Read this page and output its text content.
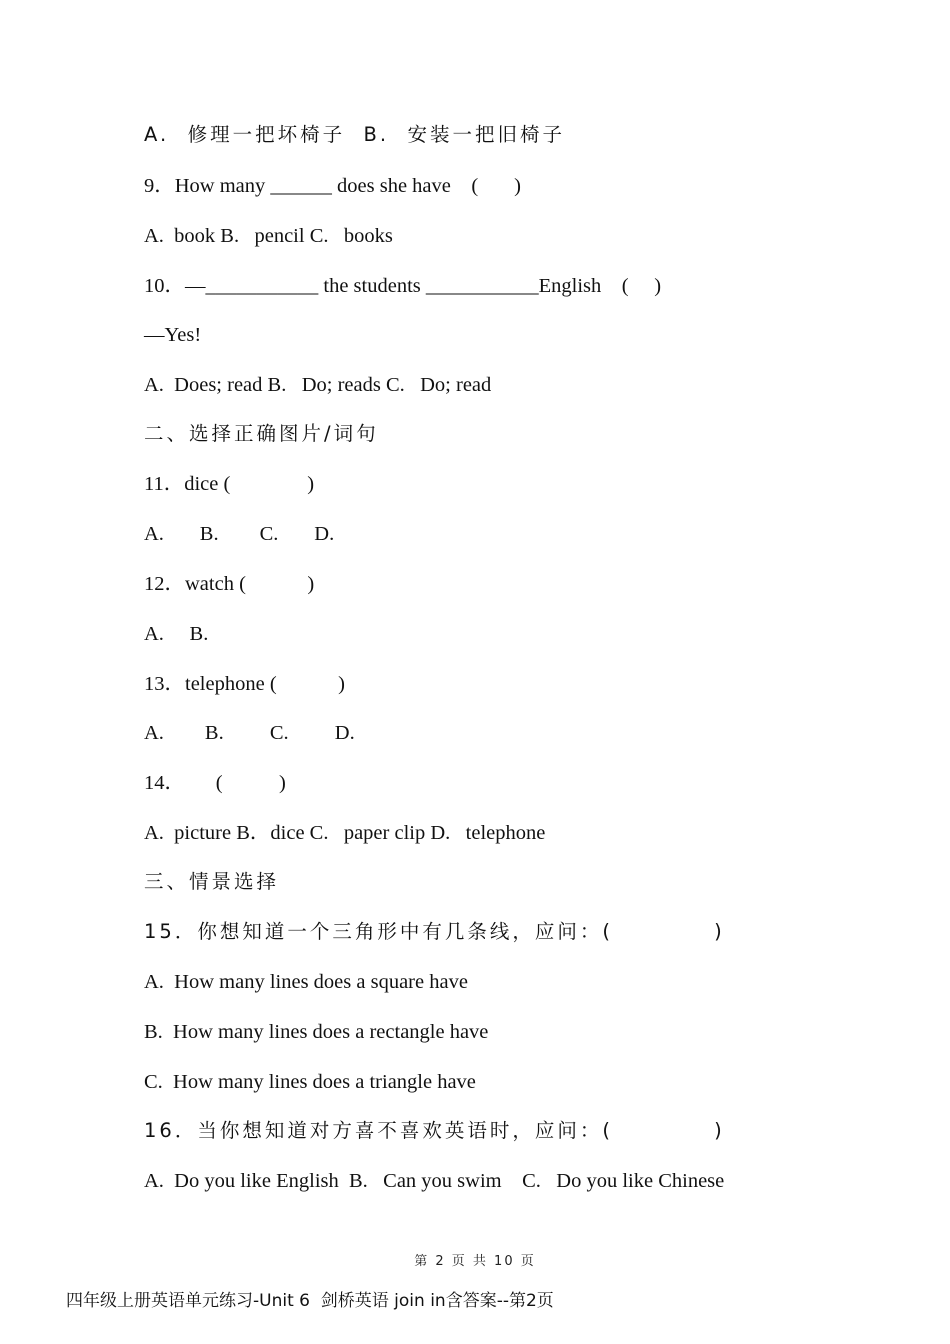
A.  修理一把坏椅子  B.  安装一把旧椅子
9．How many ______ does she have    (       )
A.  book B.   pencil C.   books
10．—___________ the students ___________English    (     )
—Yes!
A.  Does; read B.   Do; reads C.   Do; read
二、选择正确图片/词句
11．dice (               )
A.       B.        C.       D.
12．watch (            )
A.     B.
13．telephone (            )
A.        B.         C.         D.
14．      (           )
A.  picture B．dice C.   paper clip D.   telephone
三、情景选择
15．你想知道一个三角形中有几条线，应问：(           )
A.  How many lines does a square have
B.  How many lines does a rectangle have
C.  How many lines does a triangle have
16．当你想知道对方喜不喜欢英语时，应问：(           )
A.  Do you like English  B.   Can you swim    C.   Do you like Chinese
第 2 页 共 10 页
四年级上册英语单元练习-Unit 6  剑桥英语 join in含答案--第2页
